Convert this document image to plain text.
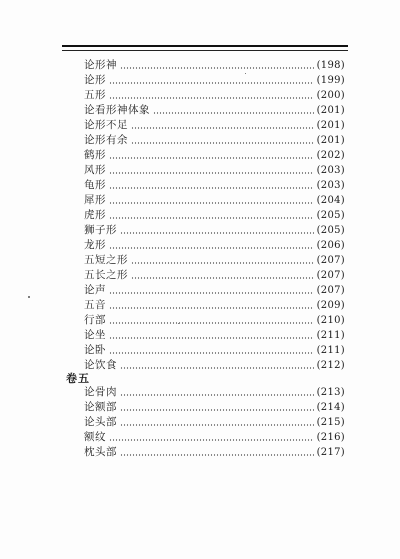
论形神	(198)
论形	(199)
五形	(200)
论看形神体象	(201)
论形不足	(201)
论形有余	(201)
鹤形	(202)
风形	(203)
龟形	(203)
犀形	(204)
虎形	(205)
狮子形	(205)
龙形	(206)
五短之形	(207)
五长之形	(207)
论声	(207)
五音	(209)
行部	(210)
论坐	(211)
论卧	(211)
论饮食	(212)
卷五
论骨肉	(213)
论额部	(214)
论头部	(215)
额纹	(216)
枕头部	(217)
